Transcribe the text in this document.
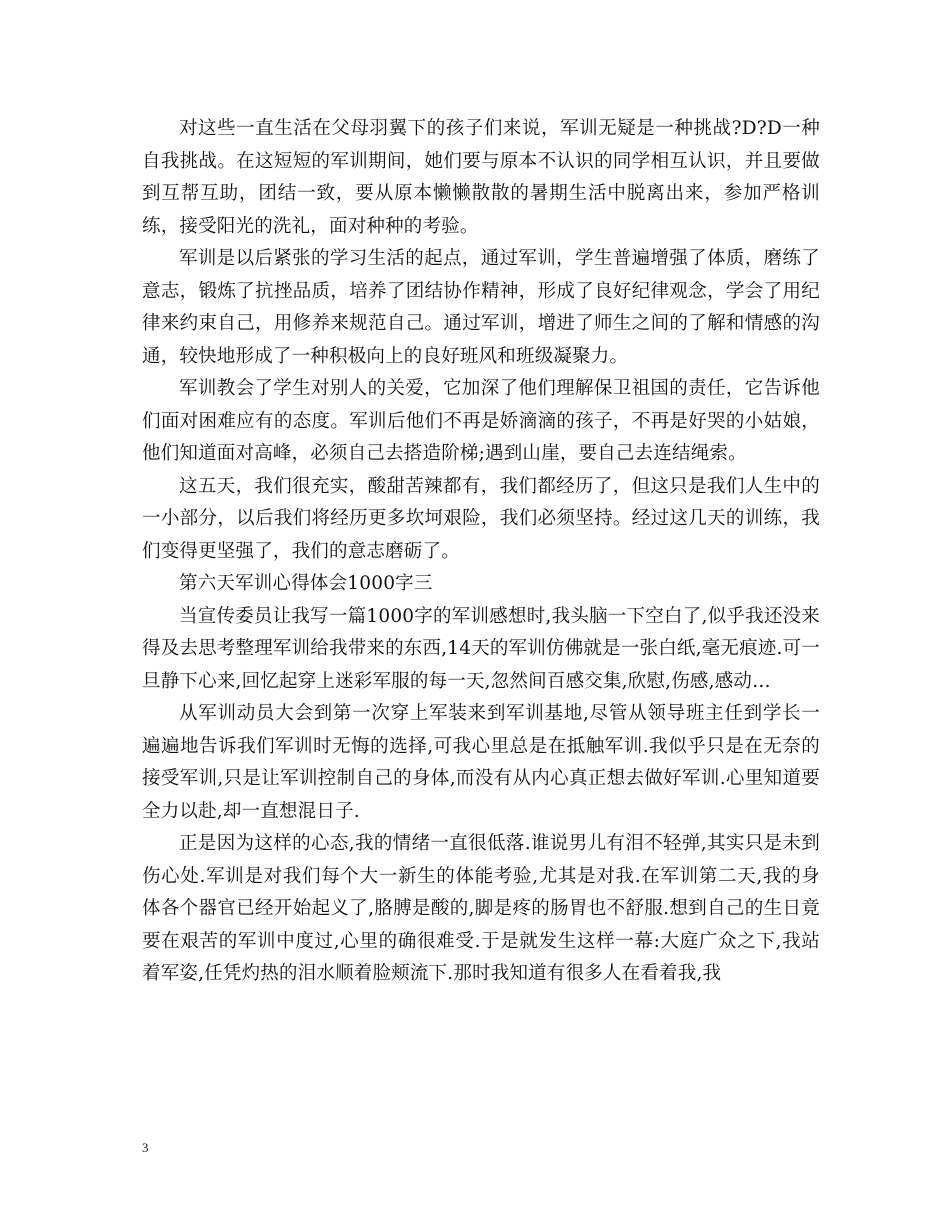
对这些一直生活在父母羽翼下的孩子们来说，军训无疑是一种挑战?D?D一种自我挑战。在这短短的军训期间，她们要与原本不认识的同学相互认识，并且要做到互帮互助，团结一致，要从原本懒懒散散的暑期生活中脱离出来，参加严格训练，接受阳光的洗礼，面对种种的考验。

军训是以后紧张的学习生活的起点，通过军训，学生普遍增强了体质，磨练了意志，锻炼了抗挫品质，培养了团结协作精神，形成了良好纪律观念，学会了用纪律来约束自己，用修养来规范自己。通过军训，增进了师生之间的了解和情感的沟通，较快地形成了一种积极向上的良好班风和班级凝聚力。

军训教会了学生对别人的关爱，它加深了他们理解保卫祖国的责任，它告诉他们面对困难应有的态度。军训后他们不再是娇滴滴的孩子，不再是好哭的小姑娘，他们知道面对高峰，必须自己去搭造阶梯;遇到山崖，要自己去连结绳索。

这五天，我们很充实，酸甜苦辣都有，我们都经历了，但这只是我们人生中的一小部分，以后我们将经历更多坎坷艰险，我们必须坚持。经过这几天的训练，我们变得更坚强了，我们的意志磨砺了。

第六天军训心得体会1000字三

当宣传委员让我写一篇1000字的军训感想时,我头脑一下空白了,似乎我还没来得及去思考整理军训给我带来的东西,14天的军训仿佛就是一张白纸,毫无痕迹.可一旦静下心来,回忆起穿上迷彩军服的每一天,忽然间百感交集,欣慰,伤感,感动…

从军训动员大会到第一次穿上军装来到军训基地,尽管从领导班主任到学长一遍遍地告诉我们军训时无悔的选择,可我心里总是在抵触军训.我似乎只是在无奈的接受军训,只是让军训控制自己的身体,而没有从内心真正想去做好军训.心里知道要全力以赴,却一直想混日子.

正是因为这样的心态,我的情绪一直很低落.谁说男儿有泪不轻弹,其实只是未到伤心处.军训是对我们每个大一新生的体能考验,尤其是对我.在军训第二天,我的身体各个器官已经开始起义了,胳膊是酸的,脚是疼的肠胃也不舒服.想到自己的生日竟要在艰苦的军训中度过,心里的确很难受.于是就发生这样一幕:大庭广众之下,我站着军姿,任凭灼热的泪水顺着脸颊流下.那时我知道有很多人在看着我,我

3
